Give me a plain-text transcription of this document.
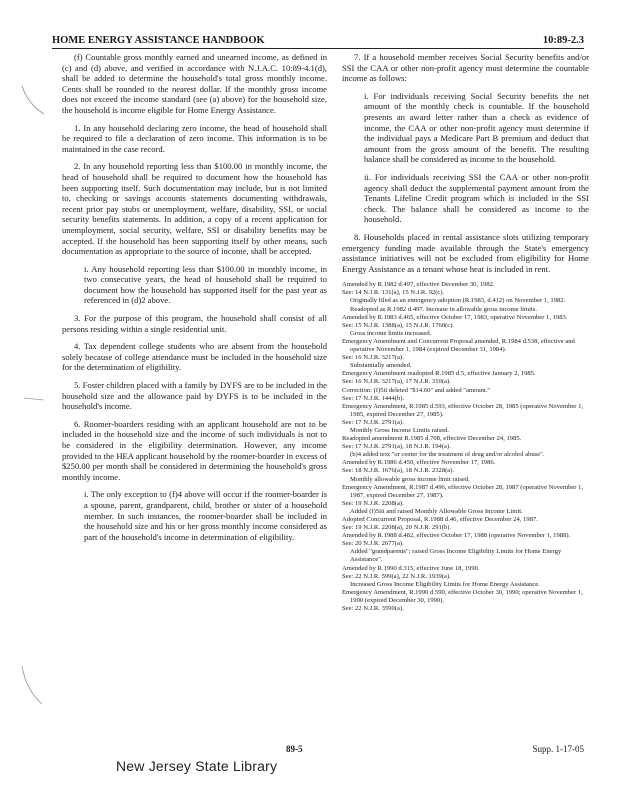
HOME ENERGY ASSISTANCE HANDBOOK	10:89-2.3

(f) Countable gross monthly earned and unearned income, as defined in (c) and (d) above, and verified in accordance with N.J.A.C. 10:89-4.1(d), shall be added to determine the household's total gross monthly income. Cents shall be rounded to the nearest dollar. If the monthly gross income does not exceed the income standard (see (a) above) for the household size, the household is income eligible for Home Energy Assistance.

1. In any household declaring zero income, the head of household shall be required to file a declaration of zero income. This information is to be maintained in the case record.

2. In any household reporting less than $100.00 in monthly income, the head of household shall be required to document how the household has been supporting itself. Such documentation may include, but is not limited to, checking or savings accounts statements documenting withdrawals, recent prior pay stubs or unemployment, welfare, disability, SSI, or social security benefits statements. In addition, a copy of a recent application for unemployment, social security, welfare, SSI or disability benefits may be accepted. If the household has been supporting itself by other means, such documentation as appropriate to the source of income, shall be accepted.

i. Any household reporting less than $100.00 in monthly income, in two consecutive years, the head of household shall be required to document how the household has supported itself for the past year as referenced in (d)2 above.

3. For the purpose of this program, the household shall consist of all persons residing within a single residential unit.

4. Tax dependent college students who are absent from the household solely because of college attendance must be included in the household size for the determination of eligibility.

5. Foster children placed with a family by DYFS are to be included in the household size and the allowance paid by DYFS is to be included in the household's income.

6. Roomer-boarders residing with an applicant household are not to be included in the household size and the income of such individuals is not to be considered in the eligibility determination. However, any income provided to the HEA applicant household by the roomer-boarder in excess of $250.00 per month shall be considered in determining the household's gross monthly income.

i. The only exception to (f)4 above will occur if the roomer-boarder is a spouse, parent, grandparent, child, brother or sister of a household member. In such instances, the roomer-boarder shall be included in the household size and his or her gross monthly income considered as part of the household's income in determination of eligibility.

7. If a household member receives Social Security benefits and/or SSI the CAA or other non-profit agency must determine the countable income as follows:

i. For individuals receiving Social Security benefits the net amount of the monthly check is countable. If the household presents an award letter rather than a check as evidence of income, the CAA or other non-profit agency must determine if the individual pays a Medicare Part B premium and deduct that amount from the gross amount of the benefit. The resulting balance shall be considered as income to the household.

ii. For individuals receiving SSI the CAA or other non-profit agency shall deduct the supplemental payment amount from the Tenants Lifeline Credit program which is included in the SSI check. The balance shall be considered as income to the household.

8. Households placed in rental assistance slots utilizing temporary emergency funding made available through the State's emergency assistance initiatives will not be excluded from eligibility for Home Energy Assistance as a tenant whose heat is included in rent.

Amended by R.1982 d.497, effective December 30, 1982.
See: 14 N.J.R. 131(a), 15 N.J.R. 92(c).
Originally filed as an emergency adoption (R.1983, d.412) on November 1, 1982. Readopted as R.1982 d.497. Increase in allowable gross income limits.
Amended by R.1983 d.465, effective October 17, 1983, operative November 1, 1983.
See: 15 N.J.R. 1388(a), 15 N.J.R. 1768(c).
Gross income limits increased.
Emergency Amendment and Concurrent Proposal amended, R.1984 d.538, effective and operative November 1, 1984 (expired December 31, 1984).
See: 16 N.J.R. 3217(a).
Substantially amended.
Emergency Amendment readopted R.1985 d.5, effective January 2, 1985.
See: 16 N.J.R. 3217(a), 17 N.J.R. 310(a).
Correction: (f)5ii deleted "$14.60" and added "amount."
See: 17 N.J.R. 1444(b).
Emergency Amendment, R.1985 d.593, effective October 28, 1985 (operative November 1, 1985, expired December 27, 1985).
See: 17 N.J.R. 2791(a).
Monthly Gross Income Limits raised.
Readopted amendment R.1985 d.708, effective December 24, 1985.
See: 17 N.J.R. 2791(a), 18 N.J.R. 194(a).
(b)4 added text "or center for the treatment of drug and/or alcohol abuse".
Amended by R.1986 d.450, effective November 17, 1986.
See: 18 N.J.R. 1676(a), 18 N.J.R. 2328(a).
Monthly allowable gross income limit raised.
Emergency Amendment, R.1987 d.496, effective October 28, 1987 (operative November 1, 1987, expired December 27, 1987).
See: 19 N.J.R. 2208(a).
Added (f)5iii and raised Monthly Allowable Gross Income Limit.
Adopted Concurrent Proposal, R.1988 d.46, effective December 24, 1987.
See: 19 N.J.R. 2208(a), 20 N.J.R. 291(b).
Amended by R.1988 d.482, effective October 17, 1988 (operative November 1, 1988).
See: 20 N.J.R. 2677(a).
Added "grandparents"; raised Gross Income Eligibility Limits for Home Energy Assistance".
Amended by R.1990 d.315, effective June 18, 1990.
See: 22 N.J.R. 599(a), 22 N.J.R. 1939(a).
Increased Gross Income Eligibility Limits for Home Energy Assistance.
Emergency Amendment, R.1990 d.590, effective October 30, 1990; operative November 1, 1990 (expired December 30, 1990).
See: 22 N.J.R. 3590(a).
89-5	Supp. 1-17-05
New Jersey State Library
